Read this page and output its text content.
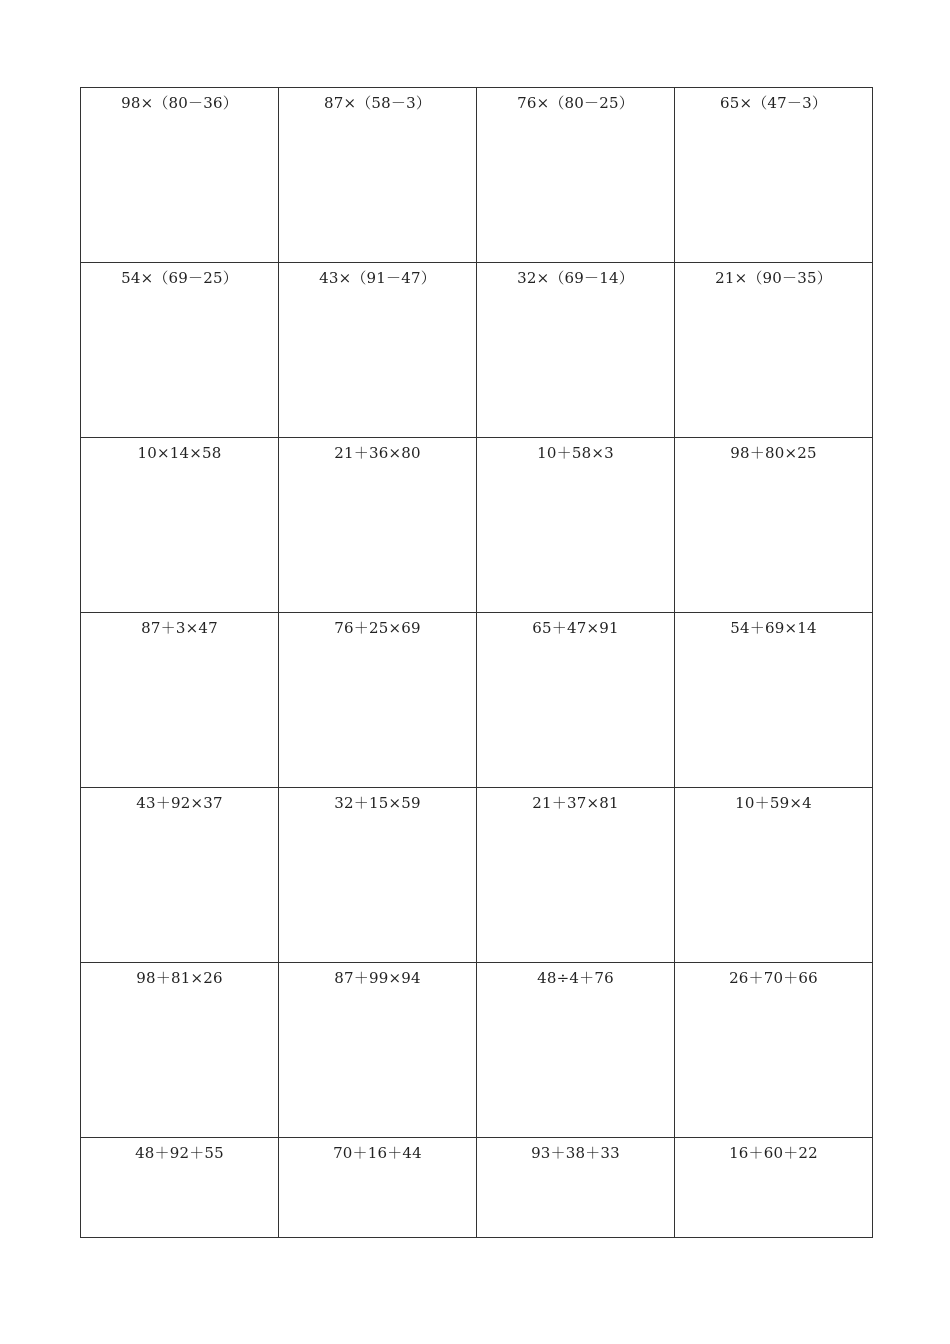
98×（80－36）	87×（58－3）	76×（80－25）	65×（47－3）

54×（69－25）	43×（91－47）	32×（69－14）	21×（90－35）

10×14×58	21＋36×80	10＋58×3	98＋80×25

87＋3×47	76＋25×69	65＋47×91	54＋69×14

43＋92×37	32＋15×59	21＋37×81	10＋59×4

98＋81×26	87＋99×94	48÷4＋76	26＋70＋66

48＋92＋55	70＋16＋44	93＋38＋33	16＋60＋22
